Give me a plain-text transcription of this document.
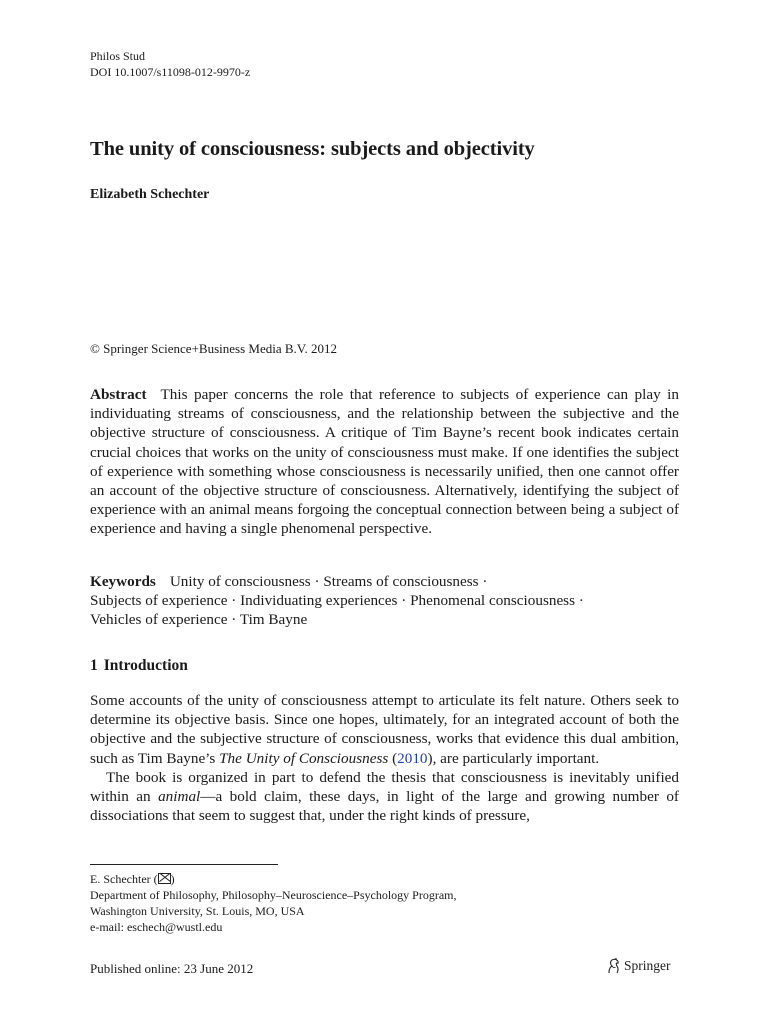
Philos Stud
DOI 10.1007/s11098-012-9970-z
The unity of consciousness: subjects and objectivity
Elizabeth Schechter
© Springer Science+Business Media B.V. 2012
Abstract This paper concerns the role that reference to subjects of experience can play in individuating streams of consciousness, and the relationship between the subjective and the objective structure of consciousness. A critique of Tim Bayne’s recent book indicates certain crucial choices that works on the unity of consciousness must make. If one identifies the subject of experience with something whose consciousness is necessarily unified, then one cannot offer an account of the objective structure of consciousness. Alternatively, identifying the subject of experience with an animal means forgoing the conceptual connection between being a subject of experience and having a single phenomenal perspective.
Keywords Unity of consciousness · Streams of consciousness ·
Subjects of experience · Individuating experiences · Phenomenal consciousness ·
Vehicles of experience · Tim Bayne
1 Introduction

Some accounts of the unity of consciousness attempt to articulate its felt nature. Others seek to determine its objective basis. Since one hopes, ultimately, for an integrated account of both the objective and the subjective structure of consciousness, works that evidence this dual ambition, such as Tim Bayne’s The Unity of Consciousness (2010), are particularly important.

The book is organized in part to defend the thesis that consciousness is inevitably unified within an animal—a bold claim, these days, in light of the large and growing number of dissociations that seem to suggest that, under the right kinds of pressure,

E. Schechter ( )
Department of Philosophy, Philosophy–Neuroscience–Psychology Program,
Washington University, St. Louis, MO, USA
e-mail: eschech@wustl.edu
Published online: 23 June 2012	Springer
